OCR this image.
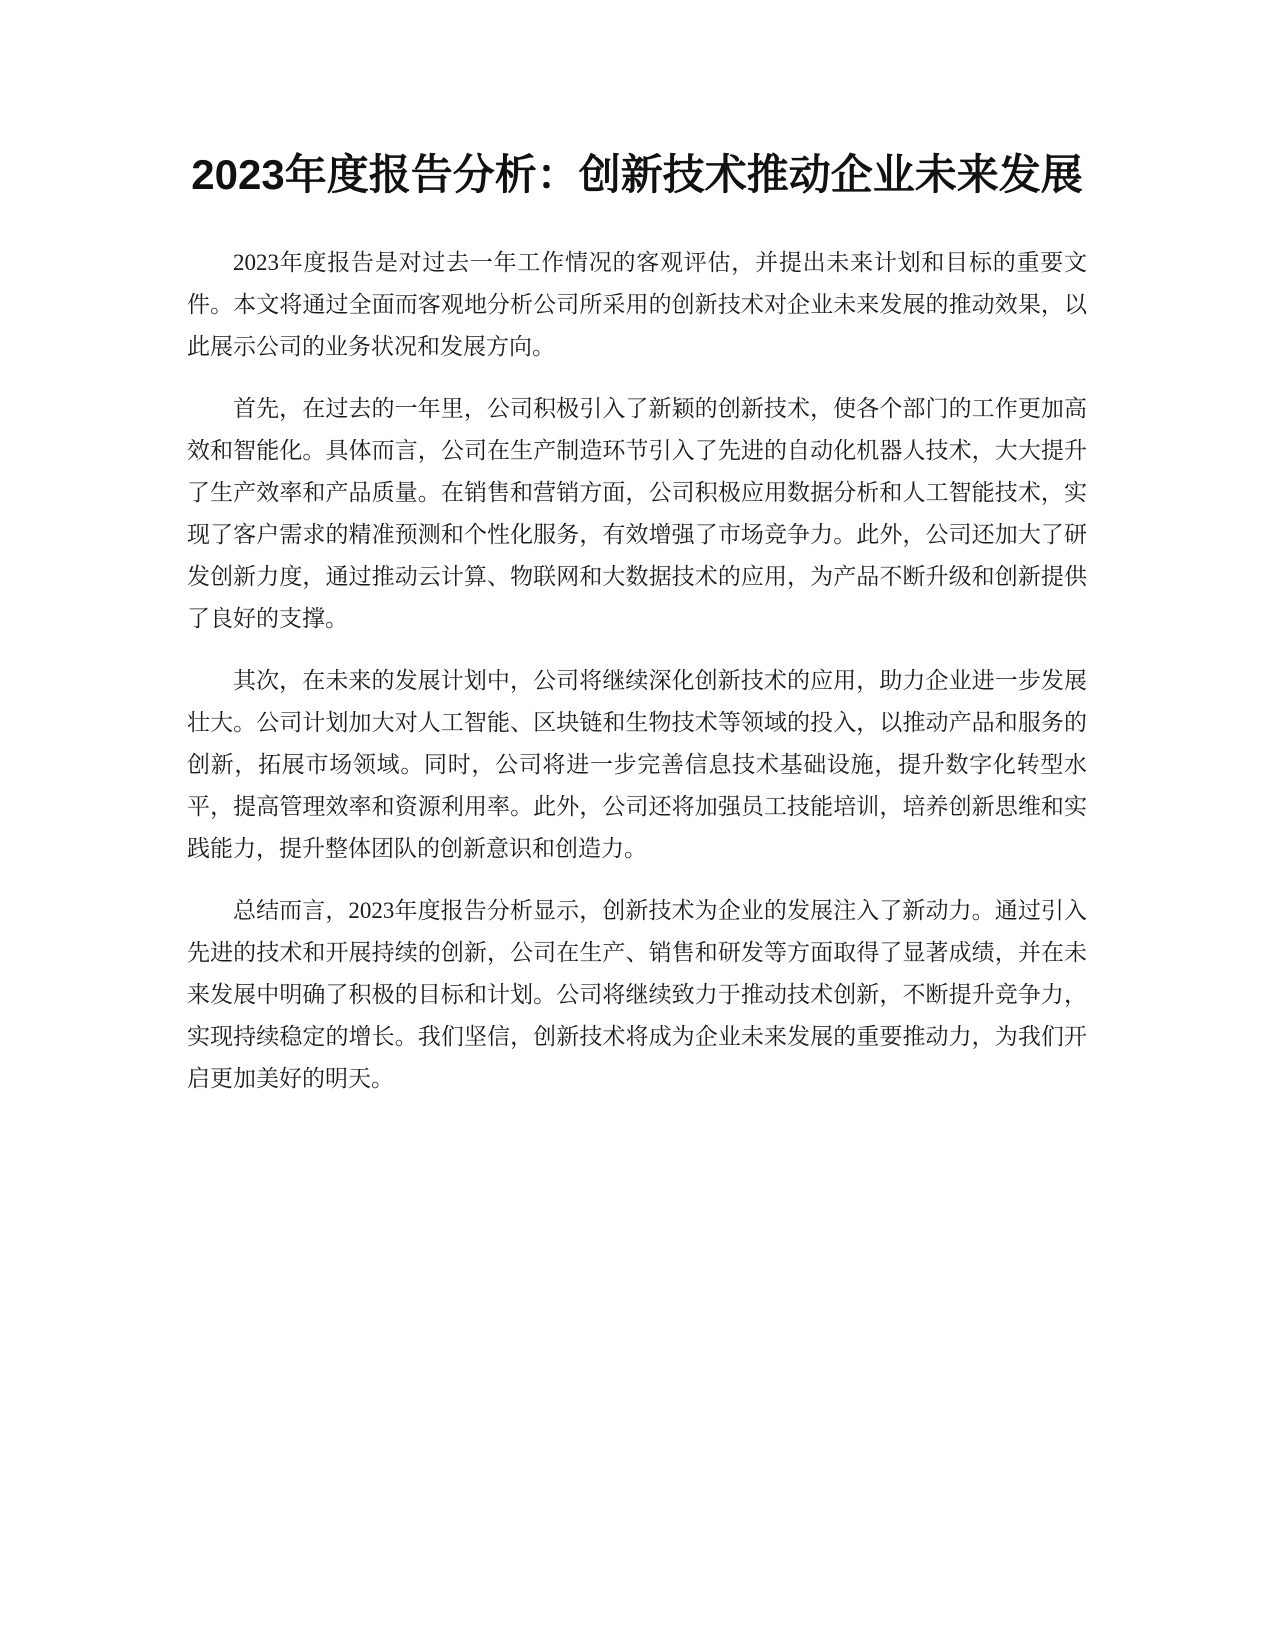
2023年度报告分析：创新技术推动企业未来发展

2023年度报告是对过去一年工作情况的客观评估，并提出未来计划和目标的重要文件。本文将通过全面而客观地分析公司所采用的创新技术对企业未来发展的推动效果，以此展示公司的业务状况和发展方向。

首先，在过去的一年里，公司积极引入了新颖的创新技术，使各个部门的工作更加高效和智能化。具体而言，公司在生产制造环节引入了先进的自动化机器人技术，大大提升了生产效率和产品质量。在销售和营销方面，公司积极应用数据分析和人工智能技术，实现了客户需求的精准预测和个性化服务，有效增强了市场竞争力。此外，公司还加大了研发创新力度，通过推动云计算、物联网和大数据技术的应用，为产品不断升级和创新提供了良好的支撑。

其次，在未来的发展计划中，公司将继续深化创新技术的应用，助力企业进一步发展壮大。公司计划加大对人工智能、区块链和生物技术等领域的投入，以推动产品和服务的创新，拓展市场领域。同时，公司将进一步完善信息技术基础设施，提升数字化转型水平，提高管理效率和资源利用率。此外，公司还将加强员工技能培训，培养创新思维和实践能力，提升整体团队的创新意识和创造力。

总结而言，2023年度报告分析显示，创新技术为企业的发展注入了新动力。通过引入先进的技术和开展持续的创新，公司在生产、销售和研发等方面取得了显著成绩，并在未来发展中明确了积极的目标和计划。公司将继续致力于推动技术创新，不断提升竞争力，实现持续稳定的增长。我们坚信，创新技术将成为企业未来发展的重要推动力，为我们开启更加美好的明天。
